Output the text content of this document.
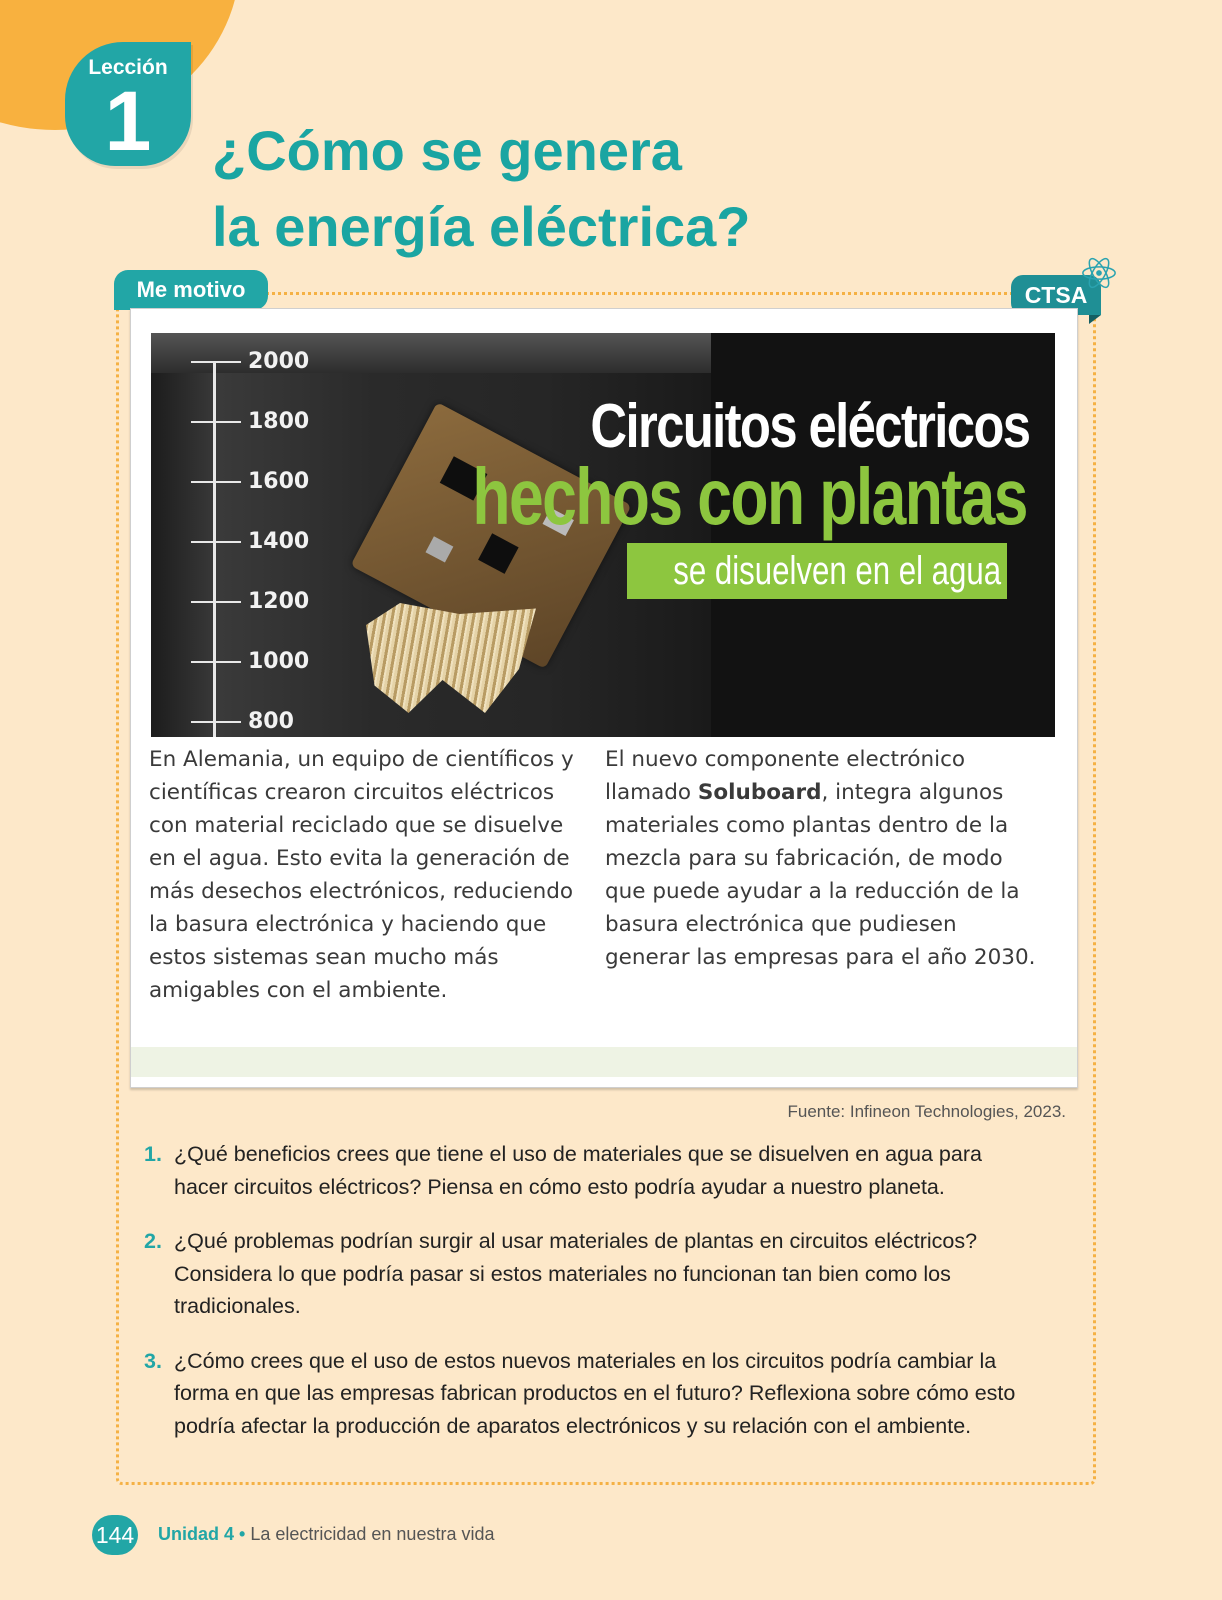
Lección
1	¿Cómo se genera
la energía eléctrica?
Me motivo	CTSA
2000
1800
1600
1400
1200
1000
800
Circuitos eléctricos
hechos con plantas
se disuelven en el agua
En Alemania, un equipo de científicos y científicas crearon circuitos eléctricos con material reciclado que se disuelve en el agua. Esto evita la generación de más desechos electrónicos, reduciendo la basura electrónica y haciendo que estos sistemas sean mucho más amigables con el ambiente.
El nuevo componente electrónico llamado Soluboard, integra algunos materiales como plantas dentro de la mezcla para su fabricación, de modo que puede ayudar a la reducción de la basura electrónica que pudiesen generar las empresas para el año 2030.
Fuente: Infineon Technologies, 2023.
1. ¿Qué beneficios crees que tiene el uso de materiales que se disuelven en agua para hacer circuitos eléctricos? Piensa en cómo esto podría ayudar a nuestro planeta.
2. ¿Qué problemas podrían surgir al usar materiales de plantas en circuitos eléctricos? Considera lo que podría pasar si estos materiales no funcionan tan bien como los tradicionales.
3. ¿Cómo crees que el uso de estos nuevos materiales en los circuitos podría cambiar la forma en que las empresas fabrican productos en el futuro? Reflexiona sobre cómo esto podría afectar la producción de aparatos electrónicos y su relación con el ambiente.
144 Unidad 4 • La electricidad en nuestra vida
